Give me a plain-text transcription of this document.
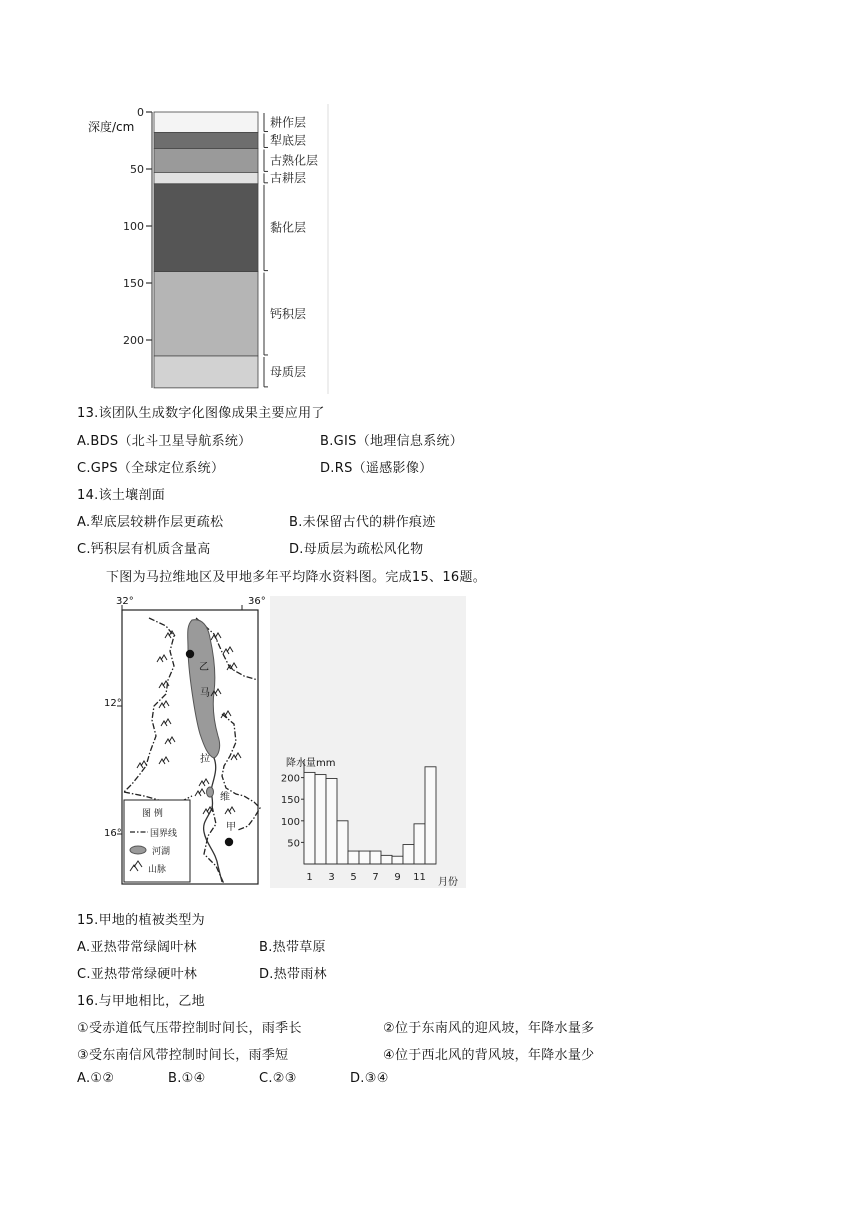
耕作层
犁底层
古熟化层
古耕层
黏化层
钙积层
母质层
0
50
100
150
200
深度/cm
13.该团队生成数字化图像成果主要应用了
A.BDS（北斗卫星导航系统）	B.GIS（地理信息系统）
C.GPS（全球定位系统）	D.RS（遥感影像）
14.该土壤剖面
A.犁底层较耕作层更疏松	B.未保留古代的耕作痕迹
C.钙积层有机质含量高	D.母质层为疏松风化物
下图为马拉维地区及甲地多年平均降水资料图。完成15、16题。
32°	36°
12°
16°
乙
马
拉
维
甲
图 例
国界线
河湖
山脉
50
100
150
200
1 3 5 7 9 11
降水量mm
月份
15.甲地的植被类型为
A.亚热带常绿阔叶林	B.热带草原
C.亚热带常绿硬叶林	D.热带雨林
16.与甲地相比，乙地
①受赤道低气压带控制时间长，雨季长	②位于东南风的迎风坡，年降水量多
③受东南信风带控制时间长，雨季短	④位于西北风的背风坡，年降水量少
A.①②	B.①④	C.②③	D.③④
